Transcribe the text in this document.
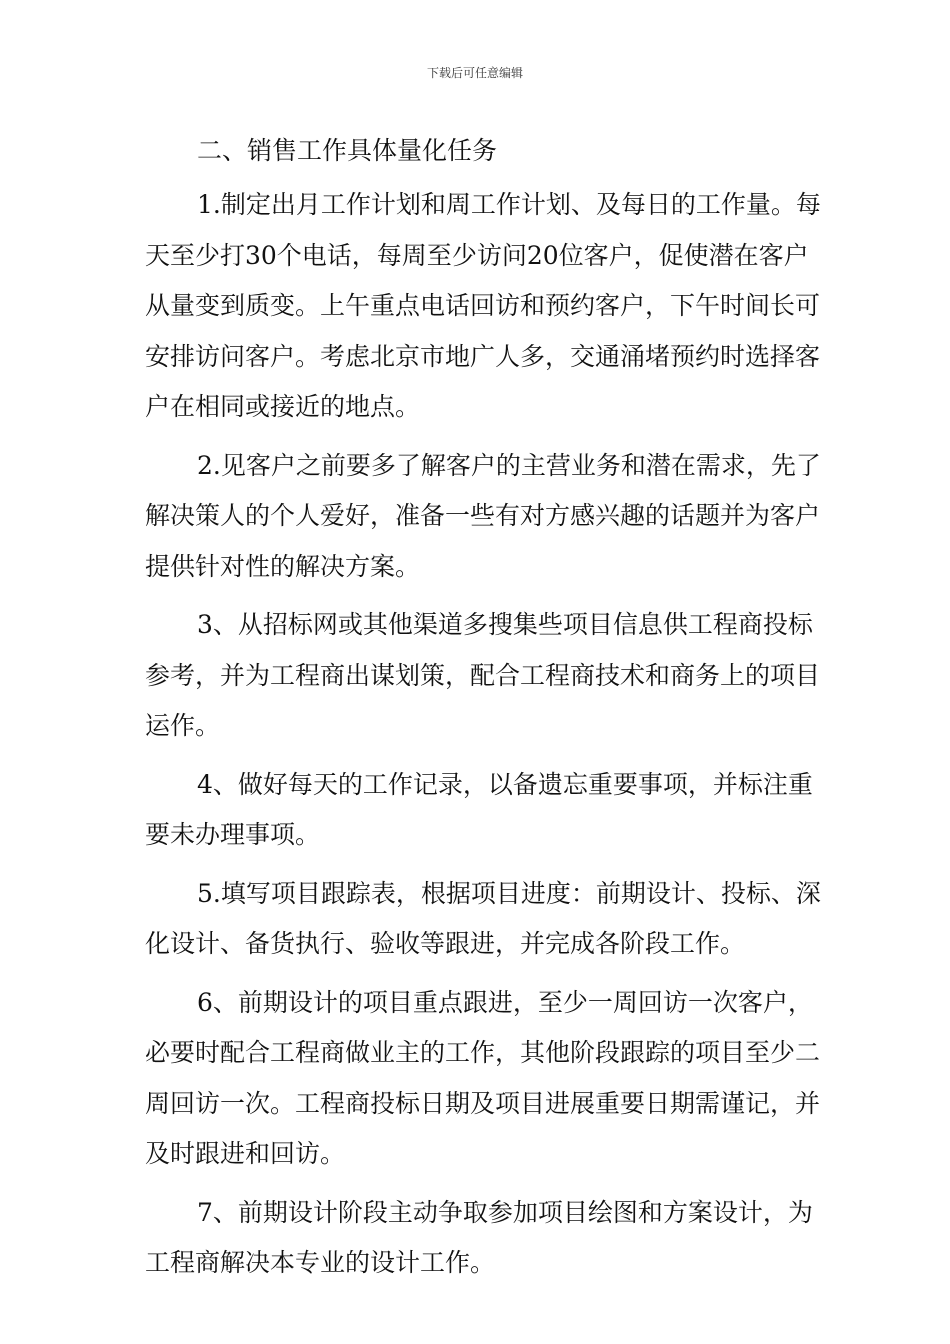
下载后可任意编辑

二、销售工作具体量化任务

1.制定出月工作计划和周工作计划、及每日的工作量。每天至少打30个电话，每周至少访问20位客户，促使潜在客户从量变到质变。上午重点电话回访和预约客户，下午时间长可安排访问客户。考虑北京市地广人多，交通涌堵预约时选择客户在相同或接近的地点。

2.见客户之前要多了解客户的主营业务和潜在需求，先了解决策人的个人爱好，准备一些有对方感兴趣的话题并为客户提供针对性的解决方案。

3、从招标网或其他渠道多搜集些项目信息供工程商投标参考，并为工程商出谋划策，配合工程商技术和商务上的项目运作。

4、做好每天的工作记录，以备遗忘重要事项，并标注重要未办理事项。

5.填写项目跟踪表，根据项目进度：前期设计、投标、深化设计、备货执行、验收等跟进，并完成各阶段工作。

6、前期设计的项目重点跟进，至少一周回访一次客户，必要时配合工程商做业主的工作，其他阶段跟踪的项目至少二周回访一次。工程商投标日期及项目进展重要日期需谨记，并及时跟进和回访。

7、前期设计阶段主动争取参加项目绘图和方案设计，为工程商解决本专业的设计工作。
